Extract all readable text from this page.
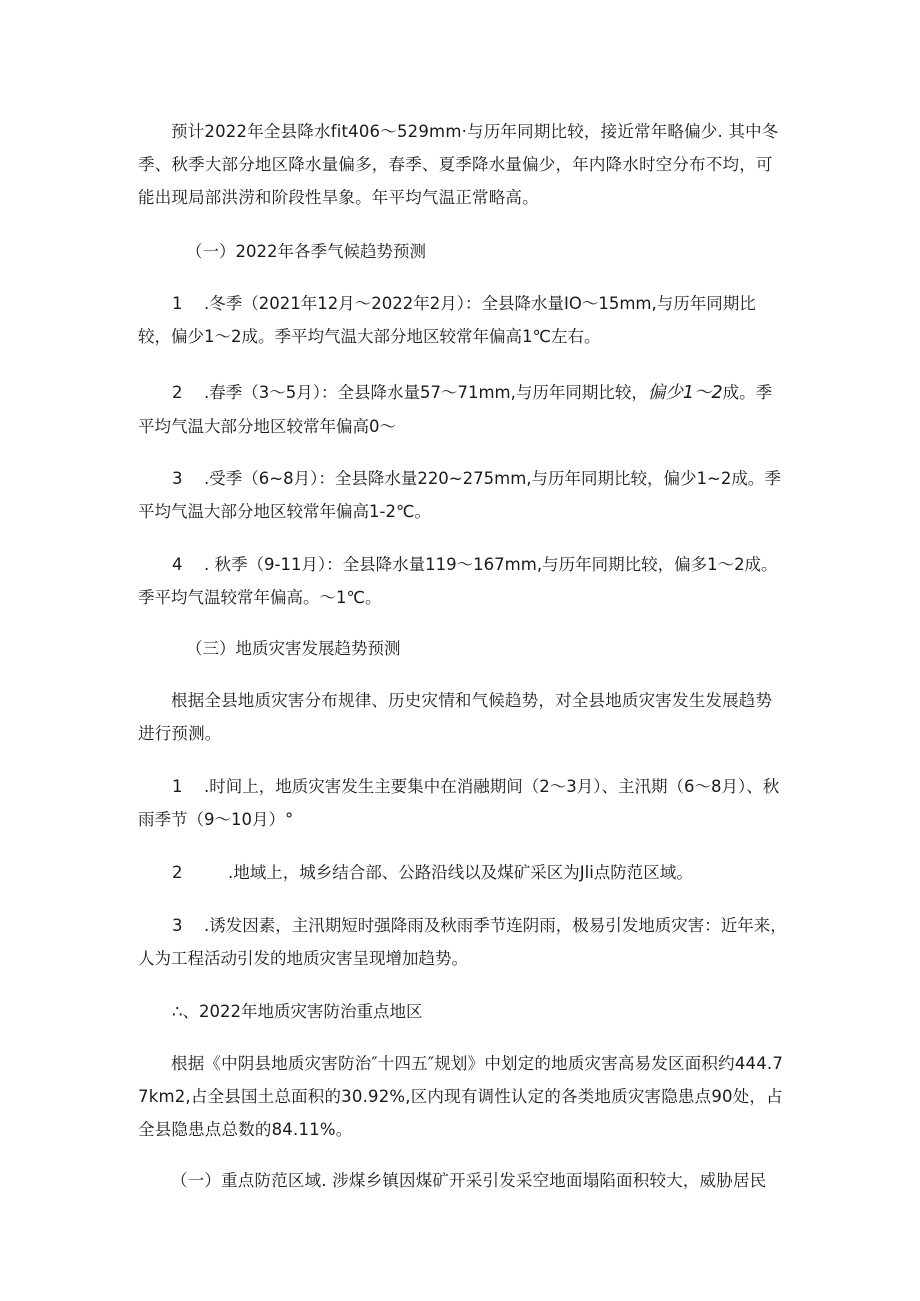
预计2022年全县降水fit406～529mm·与历年同期比较，接近常年略偏少. 其中冬季、秋季大部分地区降水量偏多，春季、夏季降水量偏少，年内降水时空分布不均，可能出现局部洪涝和阶段性旱象。年平均气温正常略高。

（一）2022年各季气候趋势预测

1 .冬季（2021年12月～2022年2月）：全县降水量IO～15mm,与历年同期比较，偏少1～2成。季平均气温大部分地区较常年偏高1℃左右。

2 .春季（3～5月）：全县降水量57～71mm,与历年同期比较，偏少1～2成。季平均气温大部分地区较常年偏高0～

3 .受季（6~8月）：全县降水量220~275mm,与历年同期比较，偏少1~2成。季平均气温大部分地区较常年偏高1-2℃。

4 . 秋季（9-11月）：全县降水量119～167mm,与历年同期比较，偏多1～2成。季平均气温较常年偏高。～1℃。

（三）地质灾害发展趋势预测

根据全县地质灾害分布规律、历史灾情和气候趋势，对全县地质灾害发生发展趋势进行预测。

1 .时间上，地质灾害发生主要集中在消融期间（2～3月）、主汛期（6～8月）、秋雨季节（9～10月）°

2	.地域上，城乡结合部、公路沿线以及煤矿采区为Jli点防范区域。

3 .诱发因素，主汛期短时强降雨及秋雨季节连阴雨，极易引发地质灾害：近年来，人为工程活动引发的地质灾害呈现增加趋势。

∴、2022年地质灾害防治重点地区

根据《中阴县地质灾害防治″十四五″规划》中划定的地质灾害高易发区面积约444.77km2,占全县国土总面积的30.92%,区内现有调性认定的各类地质灾害隐患点90处，占全县隐患点总数的84.11%。

（一）重点防范区域. 涉煤乡镇因煤矿开采引发采空地面塌陷面积较大，威胁居民
